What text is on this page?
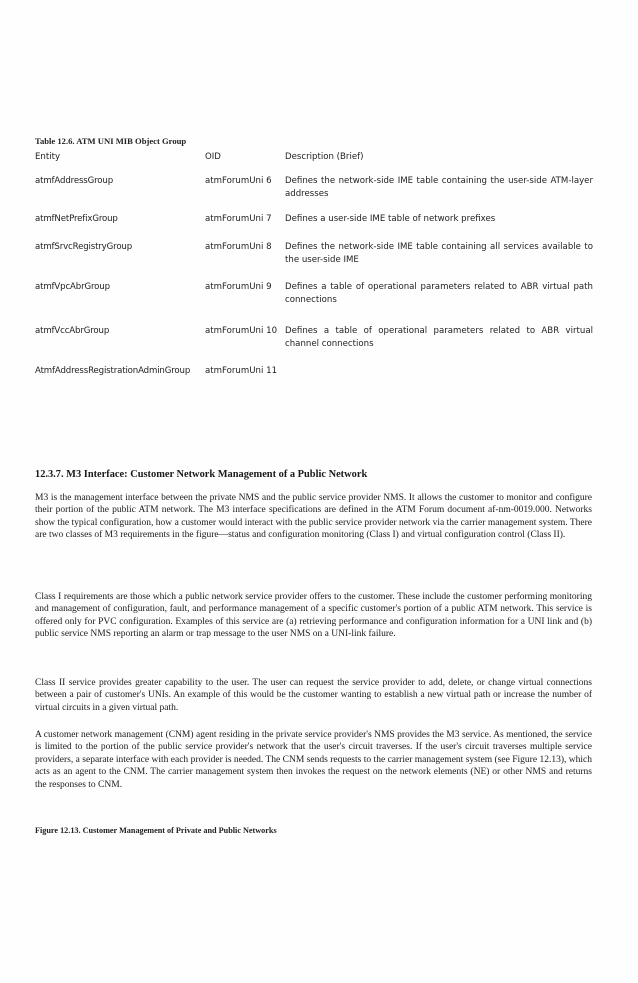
Table 12.6. ATM UNI MIB Object Group
Entity	OID	Description (Brief)
atmfAddressGroup	atmForumUni 6	Defines the network-side IME table containing the user-side ATM-layer addresses
atmfNetPrefixGroup	atmForumUni 7	Defines a user-side IME table of network prefixes
atmfSrvcRegistryGroup	atmForumUni 8	Defines the network-side IME table containing all services available to the user-side IME
atmfVpcAbrGroup	atmForumUni 9	Defines a table of operational parameters related to ABR virtual path connections
atmfVccAbrGroup	atmForumUni 10	Defines a table of operational parameters related to ABR virtual channel connections
AtmfAddressRegistrationAdminGroup	atmForumUni 11	
12.3.7. M3 Interface: Customer Network Management of a Public Network

M3 is the management interface between the private NMS and the public service provider NMS. It allows the customer to monitor and configure their portion of the public ATM network. The M3 interface specifications are defined in the ATM Forum document af-nm-0019.000. Networks show the typical configuration, how a customer would interact with the public service provider network via the carrier management system. There are two classes of M3 requirements in the figure—status and configuration monitoring (Class I) and virtual configuration control (Class II).

Class I requirements are those which a public network service provider offers to the customer. These include the customer performing monitoring and management of configuration, fault, and performance management of a specific customer's portion of a public ATM network. This service is offered only for PVC configuration. Examples of this service are (a) retrieving performance and configuration information for a UNI link and (b) public service NMS reporting an alarm or trap message to the user NMS on a UNI-link failure.

Class II service provides greater capability to the user. The user can request the service provider to add, delete, or change virtual connections between a pair of customer's UNIs. An example of this would be the customer wanting to establish a new virtual path or increase the number of virtual circuits in a given virtual path.

A customer network management (CNM) agent residing in the private service provider's NMS provides the M3 service. As mentioned, the service is limited to the portion of the public service provider's network that the user's circuit traverses. If the user's circuit traverses multiple service providers, a separate interface with each provider is needed. The CNM sends requests to the carrier management system (see Figure 12.13), which acts as an agent to the CNM. The carrier management system then invokes the request on the network elements (NE) or other NMS and returns the responses to CNM.

Figure 12.13. Customer Management of Private and Public Networks
